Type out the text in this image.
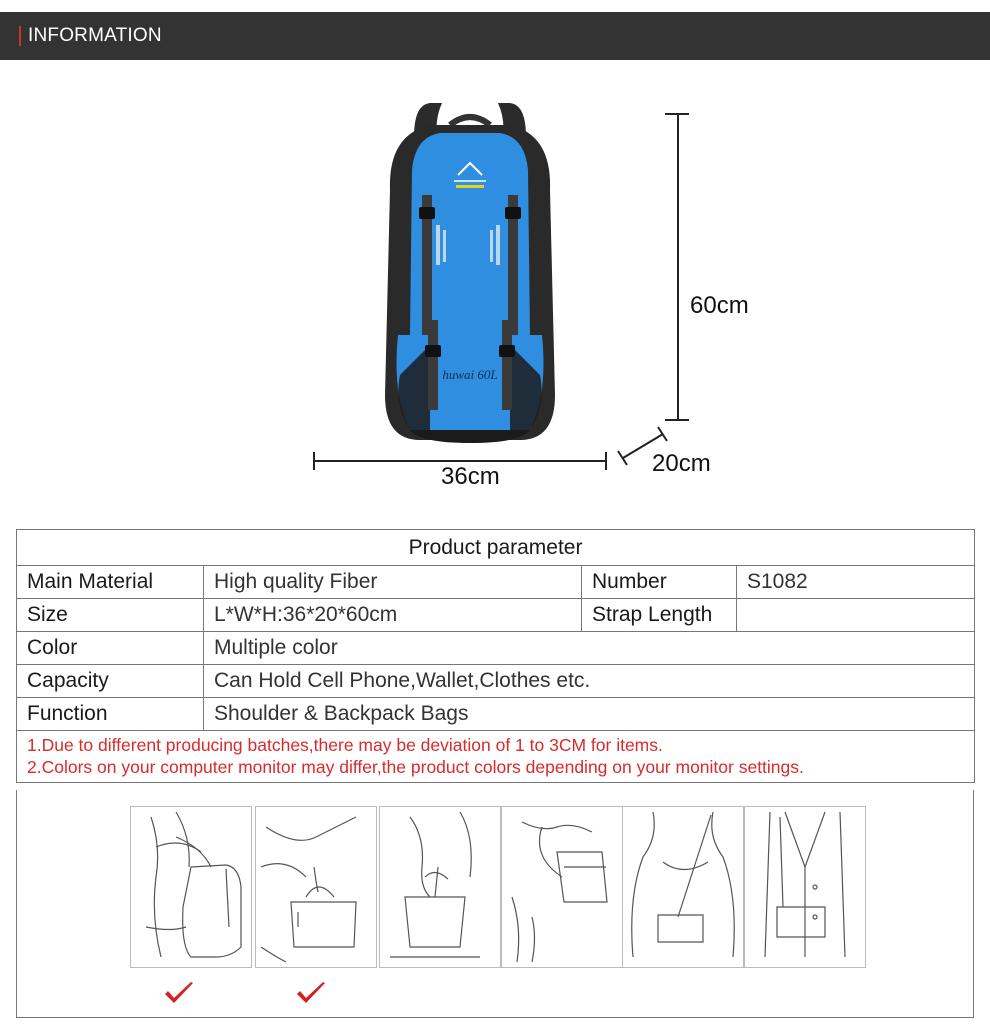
INFORMATION
huwai 60L
60cm
36cm	20cm
Product parameter			
Main Material	High quality Fiber	Number	S1082
Size	L*W*H:36*20*60cm	Strap Length	
Color	Multiple color		
Capacity	Can Hold Cell Phone,Wallet,Clothes etc.		
Function	Shoulder & Backpack Bags		

1.Due to different producing batches,there may be deviation of 1 to 3CM for items.
2.Colors on your computer monitor may differ,the product colors depending on your monitor settings.			
